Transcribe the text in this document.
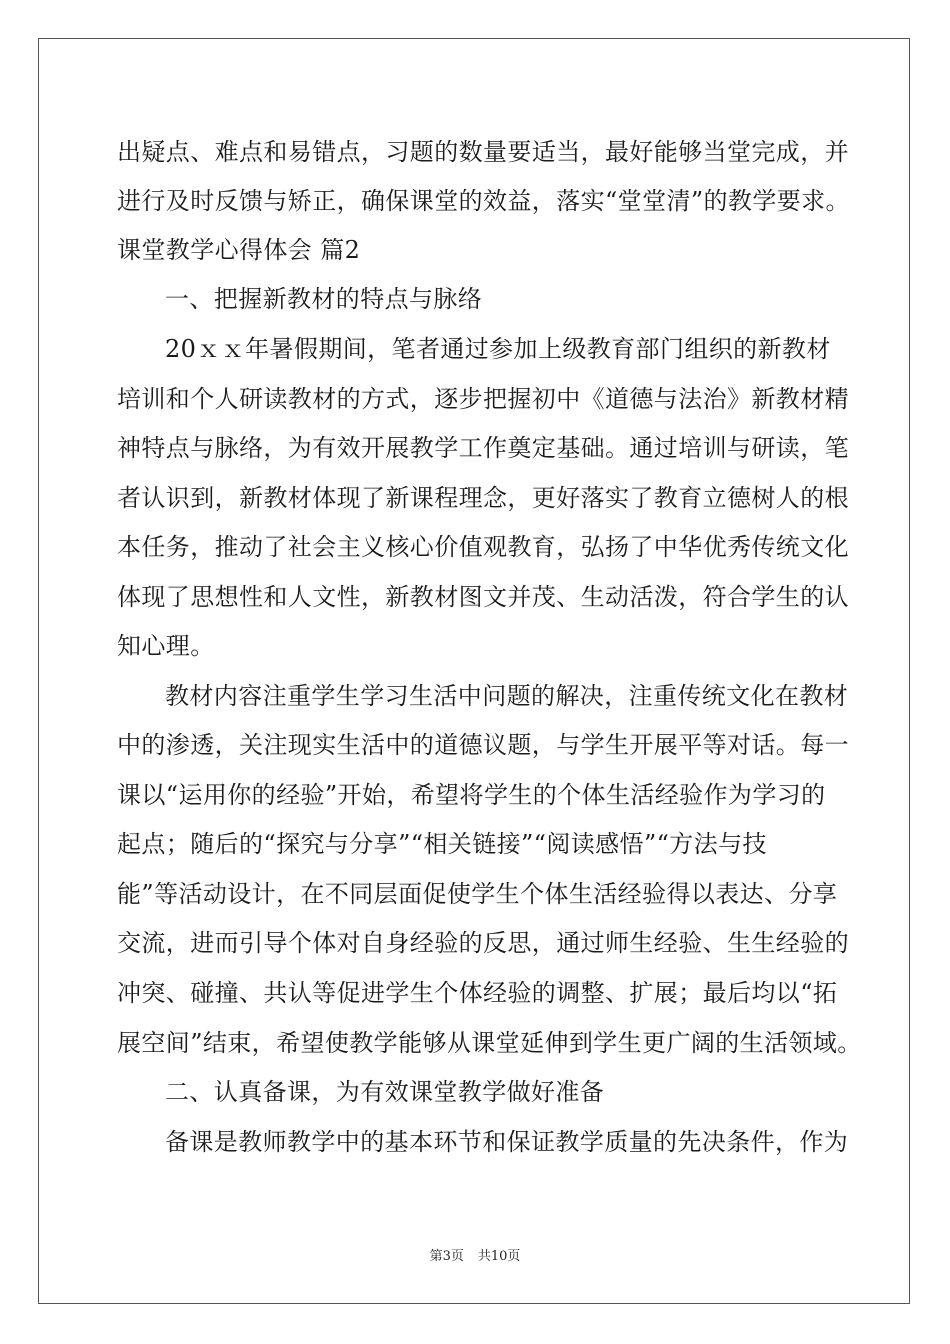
出疑点、难点和易错点，习题的数量要适当，最好能够当堂完成，并
进行及时反馈与矫正，确保课堂的效益，落实“堂堂清”的教学要求。
课堂教学心得体会 篇2
一、把握新教材的特点与脉络
20ｘｘ年暑假期间，笔者通过参加上级教育部门组织的新教材
培训和个人研读教材的方式，逐步把握初中《道德与法治》新教材精
神特点与脉络，为有效开展教学工作奠定基础。通过培训与研读，笔
者认识到，新教材体现了新课程理念，更好落实了教育立德树人的根
本任务，推动了社会主义核心价值观教育，弘扬了中华优秀传统文化
体现了思想性和人文性，新教材图文并茂、生动活泼，符合学生的认
知心理。
教材内容注重学生学习生活中问题的解决，注重传统文化在教材
中的渗透，关注现实生活中的道德议题，与学生开展平等对话。每一
课以“运用你的经验”开始，希望将学生的个体生活经验作为学习的
起点；随后的“探究与分享”“相关链接”“阅读感悟”“方法与技
能”等活动设计，在不同层面促使学生个体生活经验得以表达、分享
交流，进而引导个体对自身经验的反思，通过师生经验、生生经验的
冲突、碰撞、共认等促进学生个体经验的调整、扩展；最后均以“拓
展空间”结束，希望使教学能够从课堂延伸到学生更广阔的生活领域。
二、认真备课，为有效课堂教学做好准备
备课是教师教学中的基本环节和保证教学质量的先决条件，作为
第3页 共10页
